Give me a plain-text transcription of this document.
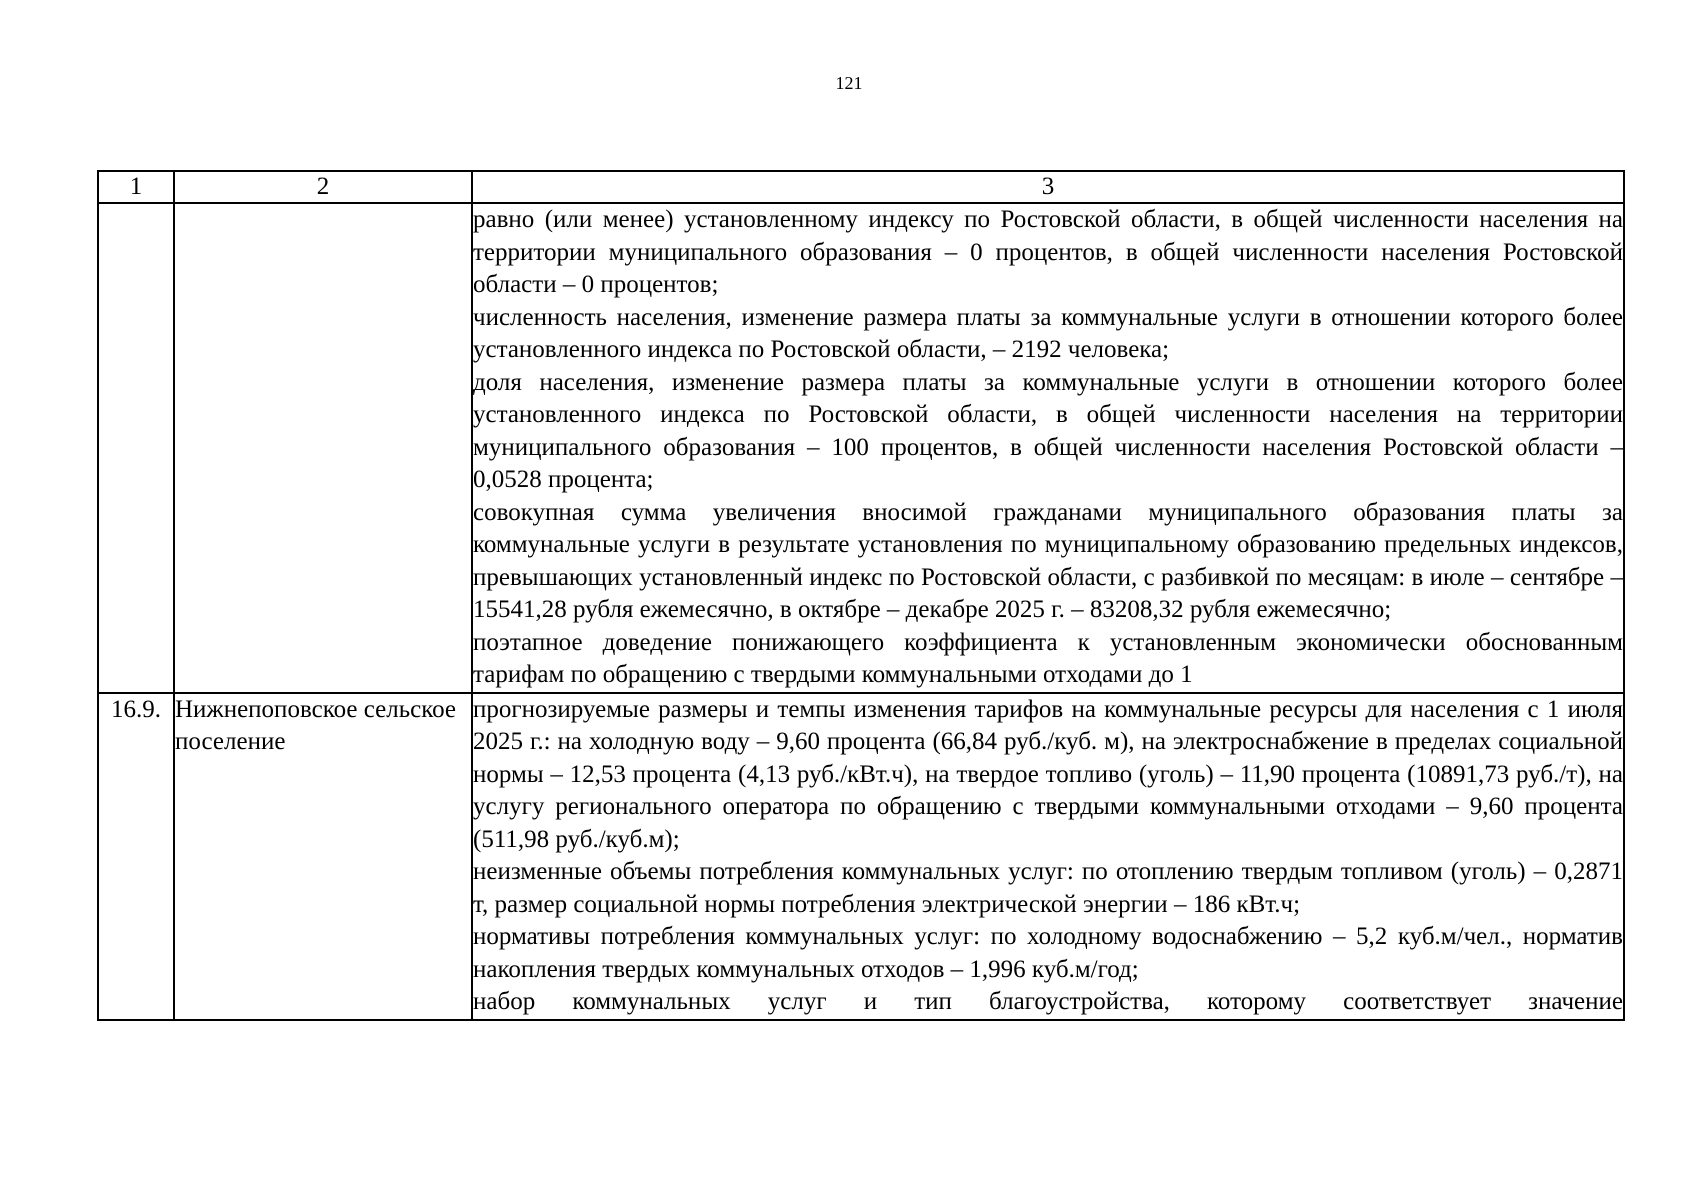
121
1	2	3

		равно (или менее) установленному индексу по Ростовской области, в общей численности населения на территории муниципального образования – 0 процентов, в общей численности населения Ростовской области – 0 процентов;

численность населения, изменение размера платы за коммунальные услуги в отношении которого более установленного индекса по Ростовской области, – 2192 человека;

доля населения, изменение размера платы за коммунальные услуги в отношении которого более установленного индекса по Ростовской области, в общей численности населения на территории муниципального образования – 100 процентов, в общей численности населения Ростовской области – 0,0528 процента;

совокупная сумма увеличения вносимой гражданами муниципального образования платы за коммунальные услуги в результате установления по муниципальному образованию предельных индексов, превышающих установленный индекс по Ростовской области, с разбивкой по месяцам: в июле – сентябре – 15541,28 рубля ежемесячно, в октябре – декабре 2025 г. – 83208,32 рубля ежемесячно;

поэтапное доведение понижающего коэффициента к установленным экономически обоснованным тарифам по обращению с твердыми коммунальными отходами до 1

16.9.	Нижнепоповское сельское поселение	прогнозируемые размеры и темпы изменения тарифов на коммунальные ресурсы для населения с 1 июля 2025 г.: на холодную воду – 9,60 процента (66,84 руб./куб. м), на электроснабжение в пределах социальной нормы – 12,53 процента (4,13 руб./кВт.ч), на твердое топливо (уголь) – 11,90 процента (10891,73 руб./т), на услугу регионального оператора по обращению с твердыми коммунальными отходами – 9,60 процента (511,98 руб./куб.м);

неизменные объемы потребления коммунальных услуг: по отоплению твердым топливом (уголь) – 0,2871 т, размер социальной нормы потребления электрической энергии – 186 кВт.ч;

нормативы потребления коммунальных услуг: по холодному водоснабжению – 5,2 куб.м/чел., норматив накопления твердых коммунальных отходов – 1,996 куб.м/год;

набор коммунальных услуг и тип благоустройства, которому соответствует значение
